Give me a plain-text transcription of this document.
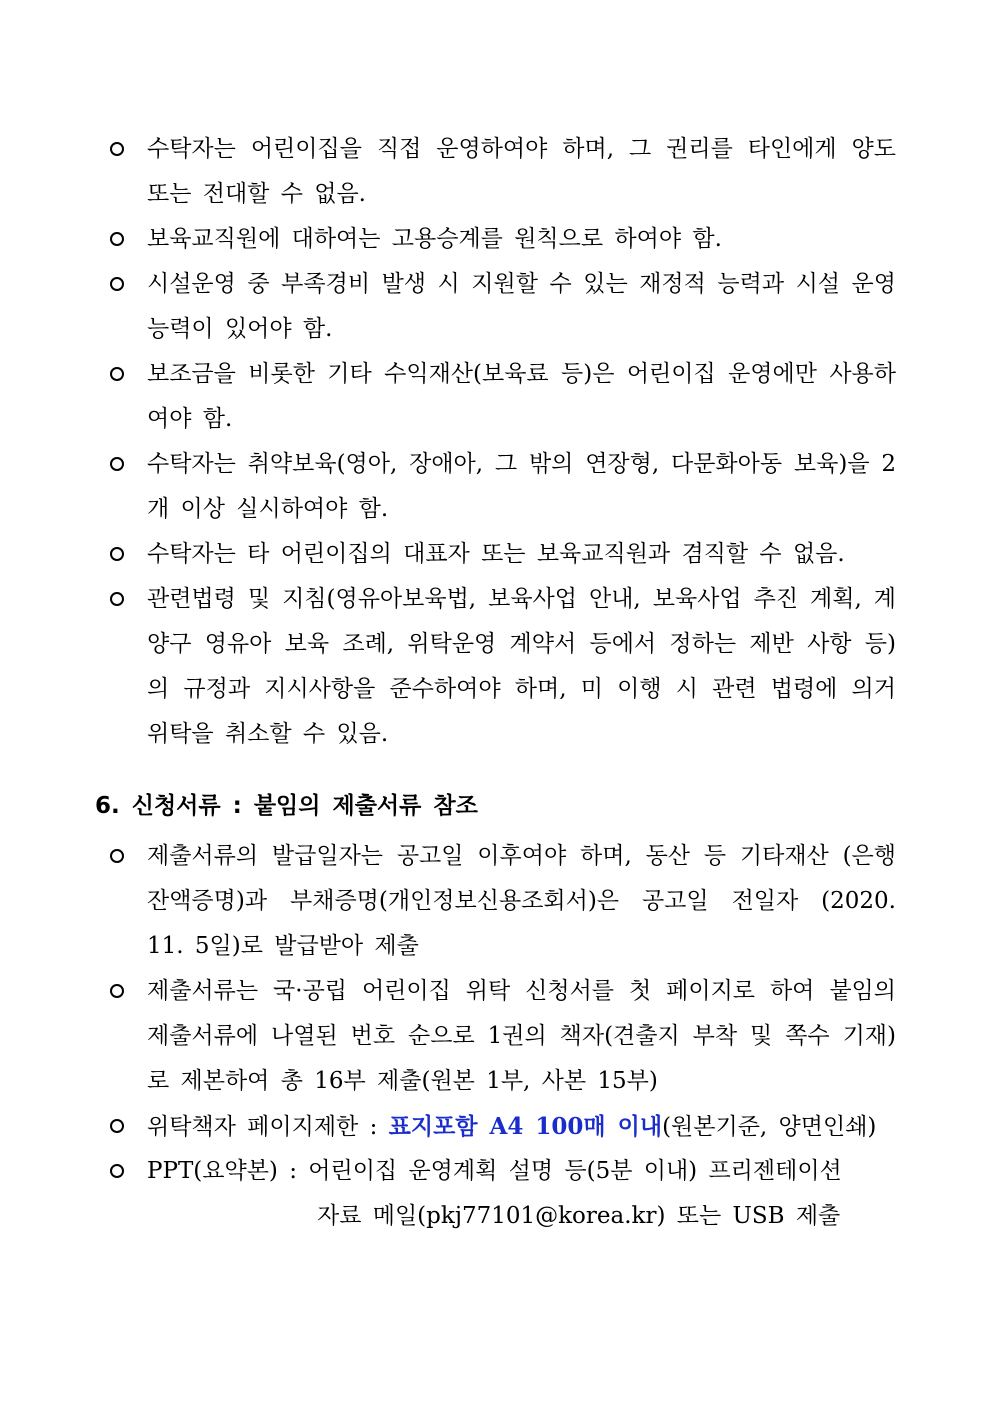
수탁자는 어린이집을 직접 운영하여야 하며, 그 권리를 타인에게 양도 또는 전대할 수 없음.
보육교직원에 대하여는 고용승계를 원칙으로 하여야 함.
시설운영 중 부족경비 발생 시 지원할 수 있는 재정적 능력과 시설 운영 능력이 있어야 함.
보조금을 비롯한 기타 수익재산(보육료 등)은 어린이집 운영에만 사용하여야 함.
수탁자는 취약보육(영아, 장애아, 그 밖의 연장형, 다문화아동 보육)을 2개 이상 실시하여야 함.
수탁자는 타 어린이집의 대표자 또는 보육교직원과 겸직할 수 없음.
관련법령 및 지침(영유아보육법, 보육사업 안내, 보육사업 추진 계획, 계양구 영유아 보육 조례, 위탁운영 계약서 등에서 정하는 제반 사항 등)의 규정과 지시사항을 준수하여야 하며, 미 이행 시 관련 법령에 의거 위탁을 취소할 수 있음.
6. 신청서류 : 붙임의 제출서류 참조
제출서류의 발급일자는 공고일 이후여야 하며, 동산 등 기타재산 (은행잔액증명)과 부채증명(개인정보신용조회서)은 공고일 전일자 (2020. 11. 5일)로 발급받아 제출
제출서류는 국·공립 어린이집 위탁 신청서를 첫 페이지로 하여 붙임의 제출서류에 나열된 번호 순으로 1권의 책자(견출지 부착 및 쪽수 기재)로 제본하여 총 16부 제출(원본 1부, 사본 15부)
위탁책자 페이지제한 : 표지포함 A4 100매 이내(원본기준, 양면인쇄)
PPT(요약본) : 어린이집 운영계획 설명 등(5분 이내) 프리젠테이션
자료 메일(pkj77101@korea.kr) 또는 USB 제출
